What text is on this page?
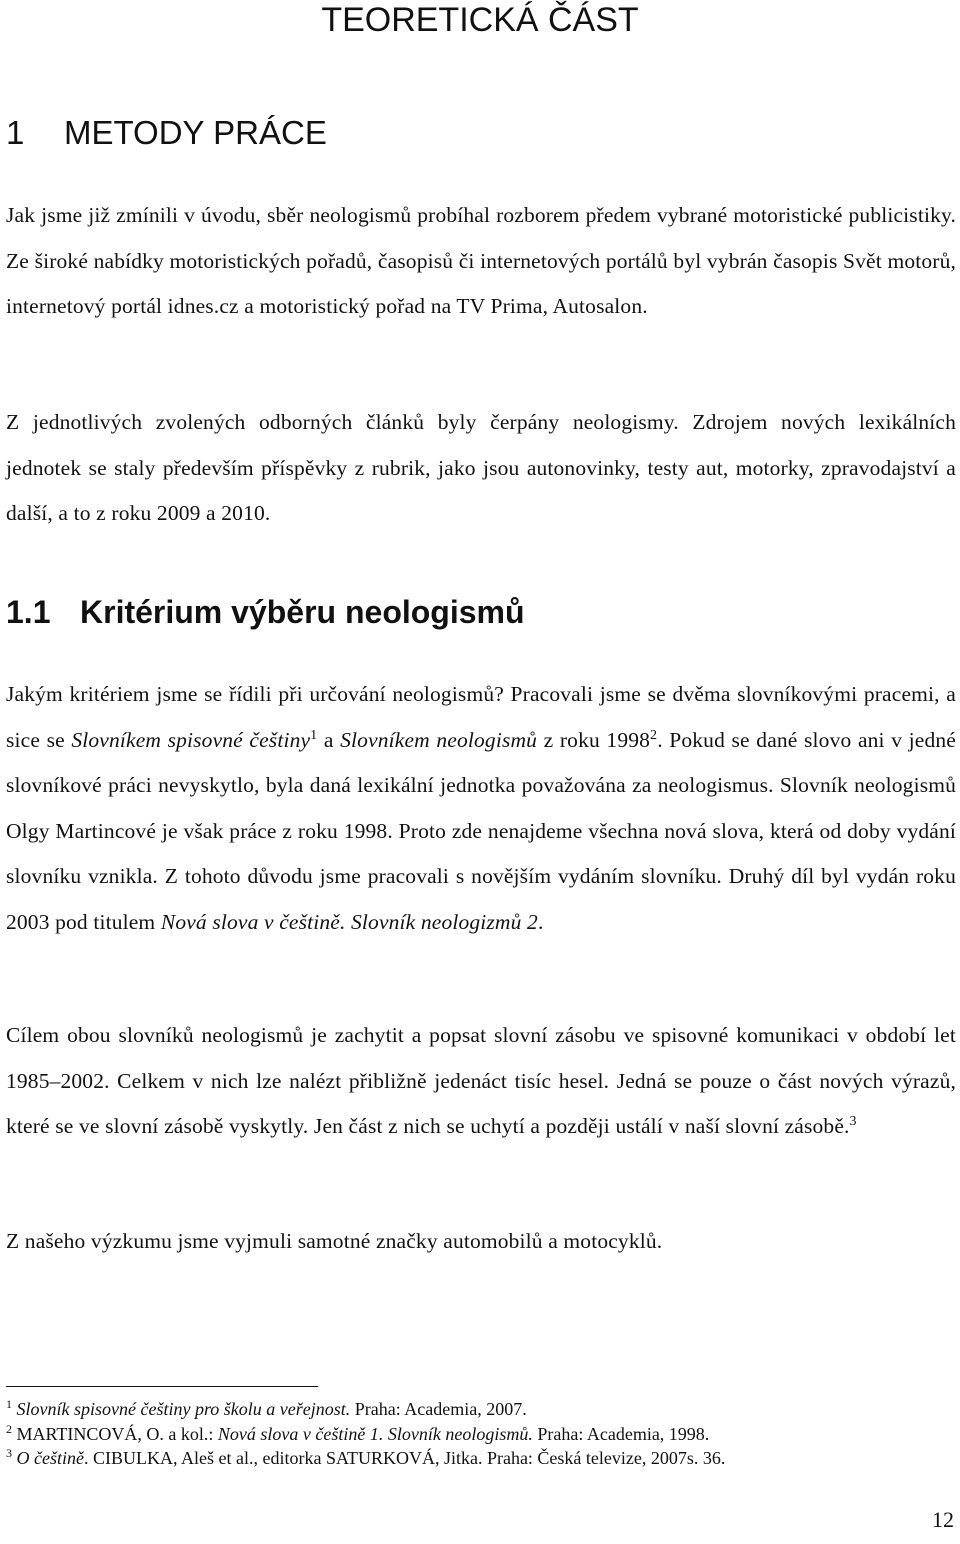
TEORETICKÁ ČÁST
1 METODY PRÁCE

Jak jsme již zmínili v úvodu, sběr neologismů probíhal rozborem předem vybrané motoristické publicistiky. Ze široké nabídky motoristických pořadů, časopisů či internetových portálů byl vybrán časopis Svět motorů, internetový portál idnes.cz a motoristický pořad na TV Prima, Autosalon.

Z jednotlivých zvolených odborných článků byly čerpány neologismy. Zdrojem nových lexikálních jednotek se staly především příspěvky z rubrik, jako jsou autonovinky, testy aut, motorky, zpravodajství a další, a to z roku 2009 a 2010.

1.1 Kritérium výběru neologismů

Jakým kritériem jsme se řídili při určování neologismů? Pracovali jsme se dvěma slovníkovými pracemi, a sice se Slovníkem spisovné češtiny$^1$ a Slovníkem neologismů z roku 1998$^2$. Pokud se dané slovo ani v jedné slovníkové práci nevyskytlo, byla daná lexikální jednotka považována za neologismus. Slovník neologismů Olgy Martincové je však práce z roku 1998. Proto zde nenajdeme všechna nová slova, která od doby vydání slovníku vznikla. Z tohoto důvodu jsme pracovali s novějším vydáním slovníku. Druhý díl byl vydán roku 2003 pod titulem Nová slova v češtině. Slovník neologizmů 2.

Cílem obou slovníků neologismů je zachytit a popsat slovní zásobu ve spisovné komunikaci v období let 1985–2002. Celkem v nich lze nalézt přibližně jedenáct tisíc hesel. Jedná se pouze o část nových výrazů, které se ve slovní zásobě vyskytly. Jen část z nich se uchytí a později ustálí v naší slovní zásobě.$^3$

Z našeho výzkumu jsme vyjmuli samotné značky automobilů a motocyklů.

$^1$ Slovník spisovné češtiny pro školu a veřejnost. Praha: Academia, 2007.
$^2$ MARTINCOVÁ, O. a kol.: Nová slova v češtině 1. Slovník neologismů. Praha: Academia, 1998.
$^3$ O češtině. CIBULKA, Aleš et al., editorka SATURKOVÁ, Jitka. Praha: Česká televize, 2007s. 36.
12
